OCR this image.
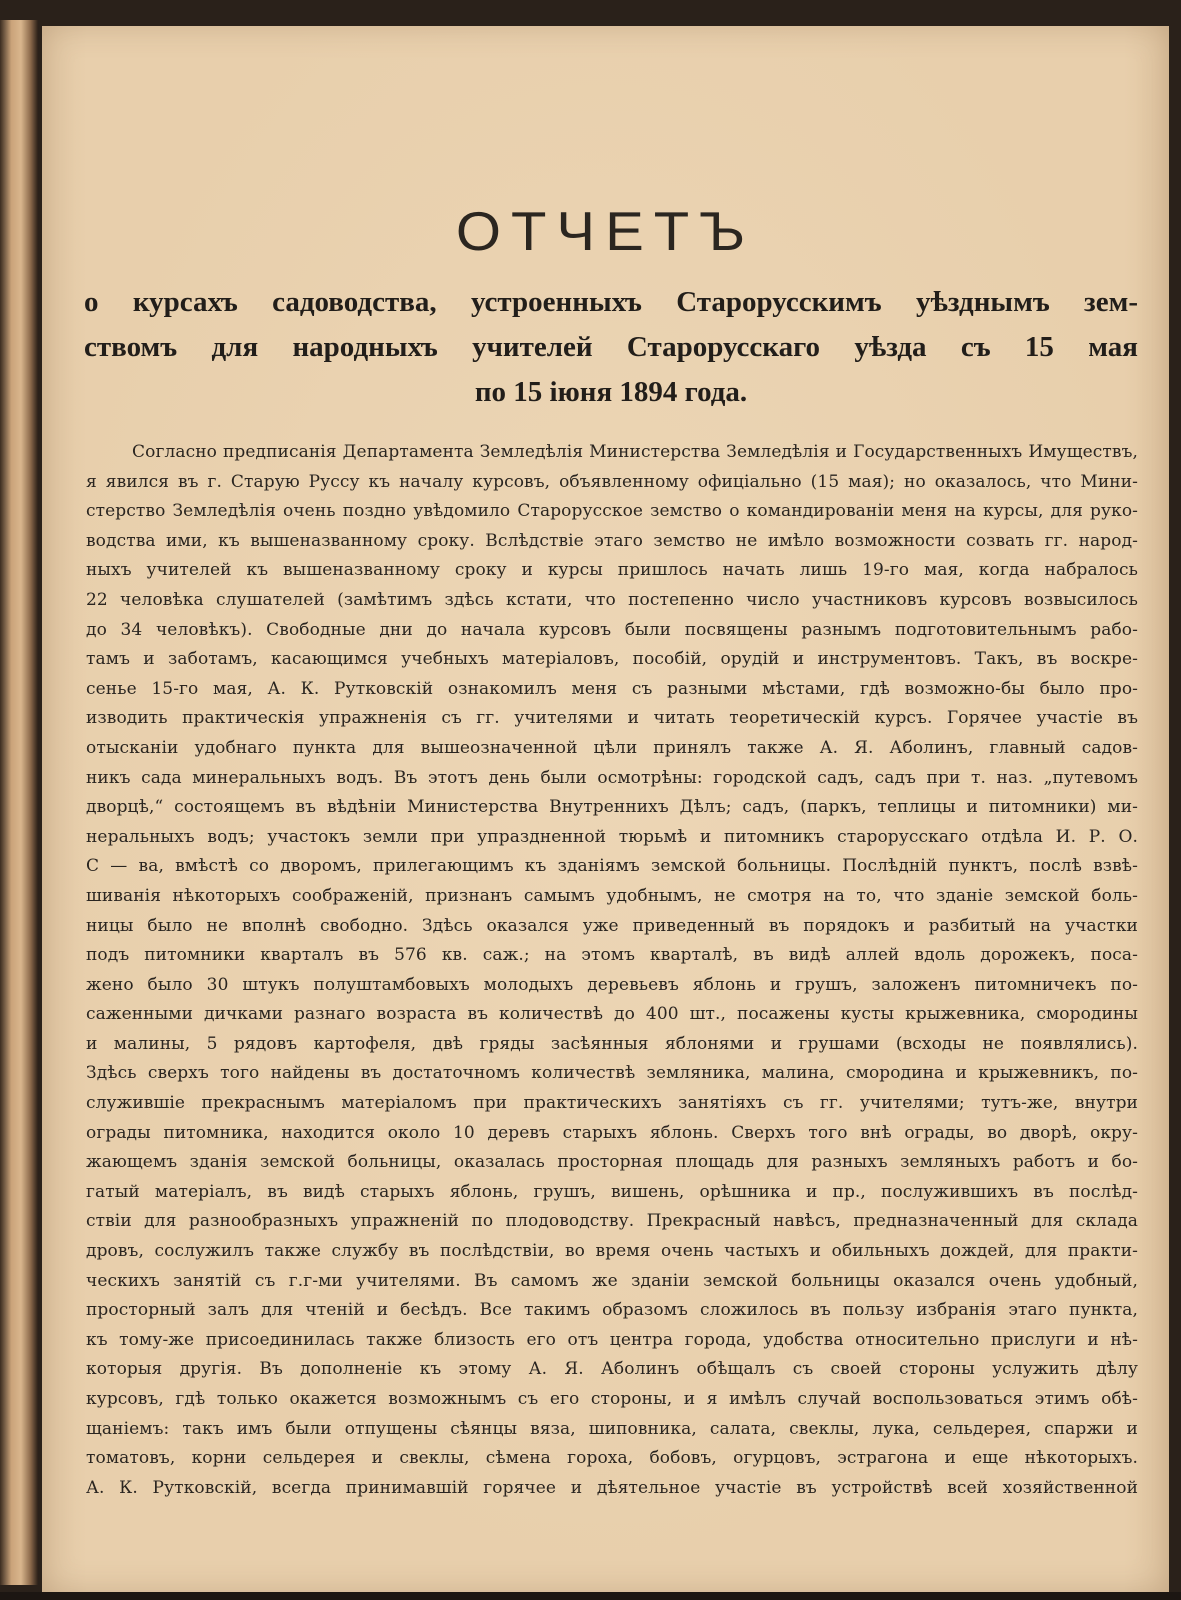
ОТЧЕТЪ
о курсахъ садоводства, устроенныхъ Старорусскимъ уѣзднымъ зем-
ствомъ для народныхъ учителей Старорусскаго уѣзда съ 15 мая
по 15 іюня 1894 года.
Согласно предписанія Департамента Земледѣлія Министерства Земледѣлія и Государственныхъ Имуществъ,
я явился въ г. Старую Руссу къ началу курсовъ, объявленному офиціально (15 мая); но оказалось, что Мини-
стерство Земледѣлія очень поздно увѣдомило Старорусское земство о командированіи меня на курсы, для руко-
водства ими, къ вышеназванному сроку. Вслѣдствіе этаго земство не имѣло возможности созвать гг. народ-
ныхъ учителей къ вышеназванному сроку и курсы пришлось начать лишь 19-го мая, когда набралось
22 человѣка слушателей (замѣтимъ здѣсь кстати, что постепенно число участниковъ курсовъ возвысилось
до 34 человѣкъ). Свободные дни до начала курсовъ были посвящены разнымъ подготовительнымъ рабо-
тамъ и заботамъ, касающимся учебныхъ матеріаловъ, пособій, орудій и инструментовъ. Такъ, въ воскре-
сенье 15-го мая, А. К. Рутковскій ознакомилъ меня съ разными мѣстами, гдѣ возможно-бы было про-
изводить практическія упражненія съ гг. учителями и читать теоретическій курсъ. Горячее участіе въ
отысканіи удобнаго пункта для вышеозначенной цѣли принялъ также А. Я. Аболинъ, главный садов-
никъ сада минеральныхъ водъ. Въ этотъ день были осмотрѣны: городской садъ, садъ при т. наз. „путевомъ
дворцѣ,“ состоящемъ въ вѣдѣніи Министерства Внутреннихъ Дѣлъ; садъ, (паркъ, теплицы и питомники) ми-
неральныхъ водъ; участокъ земли при упраздненной тюрьмѣ и питомникъ старорусскаго отдѣла И. Р. О.
С — ва, вмѣстѣ со дворомъ, прилегающимъ къ зданіямъ земской больницы. Послѣдній пунктъ, послѣ взвѣ-
шиванія нѣкоторыхъ соображеній, признанъ самымъ удобнымъ, не смотря на то, что зданіе земской боль-
ницы было не вполнѣ свободно. Здѣсь оказался уже приведенный въ порядокъ и разбитый на участки
подъ питомники кварталъ въ 576 кв. саж.; на этомъ кварталѣ, въ видѣ аллей вдоль дорожекъ, поса-
жено было 30 штукъ полуштамбовыхъ молодыхъ деревьевъ яблонь и грушъ, заложенъ питомничекъ по-
саженными дичками разнаго возраста въ количествѣ до 400 шт., посажены кусты крыжевника, смородины
и малины, 5 рядовъ картофеля, двѣ гряды засѣянныя яблонями и грушами (всходы не появлялись).
Здѣсь сверхъ того найдены въ достаточномъ количествѣ земляника, малина, смородина и крыжевникъ, по-
служившіе прекраснымъ матеріаломъ при практическихъ занятіяхъ съ гг. учителями; тутъ-же, внутри
ограды питомника, находится около 10 деревъ старыхъ яблонь. Сверхъ того внѣ ограды, во дворѣ, окру-
жающемъ зданія земской больницы, оказалась просторная площадь для разныхъ земляныхъ работъ и бо-
гатый матеріалъ, въ видѣ старыхъ яблонь, грушъ, вишень, орѣшника и пр., послужившихъ въ послѣд-
ствіи для разнообразныхъ упражненій по плодоводству. Прекрасный навѣсъ, предназначенный для склада
дровъ, сослужилъ также службу въ послѣдствіи, во время очень частыхъ и обильныхъ дождей, для практи-
ческихъ занятій съ г.г-ми учителями. Въ самомъ же зданіи земской больницы оказался очень удобный,
просторный залъ для чтеній и бесѣдъ. Все такимъ образомъ сложилось въ пользу избранія этаго пункта,
къ тому-же присоединилась также близость его отъ центра города, удобства относительно прислуги и нѣ-
которыя другія. Въ дополненіе къ этому А. Я. Аболинъ обѣщалъ съ своей стороны услужить дѣлу
курсовъ, гдѣ только окажется возможнымъ съ его стороны, и я имѣлъ случай воспользоваться этимъ обѣ-
щаніемъ: такъ имъ были отпущены сѣянцы вяза, шиповника, салата, свеклы, лука, сельдерея, спаржи и
томатовъ, корни сельдерея и свеклы, сѣмена гороха, бобовъ, огурцовъ, эстрагона и еще нѣкоторыхъ.
А. К. Рутковскій, всегда принимавшій горячее и дѣятельное участіе въ устройствѣ всей хозяйственной
